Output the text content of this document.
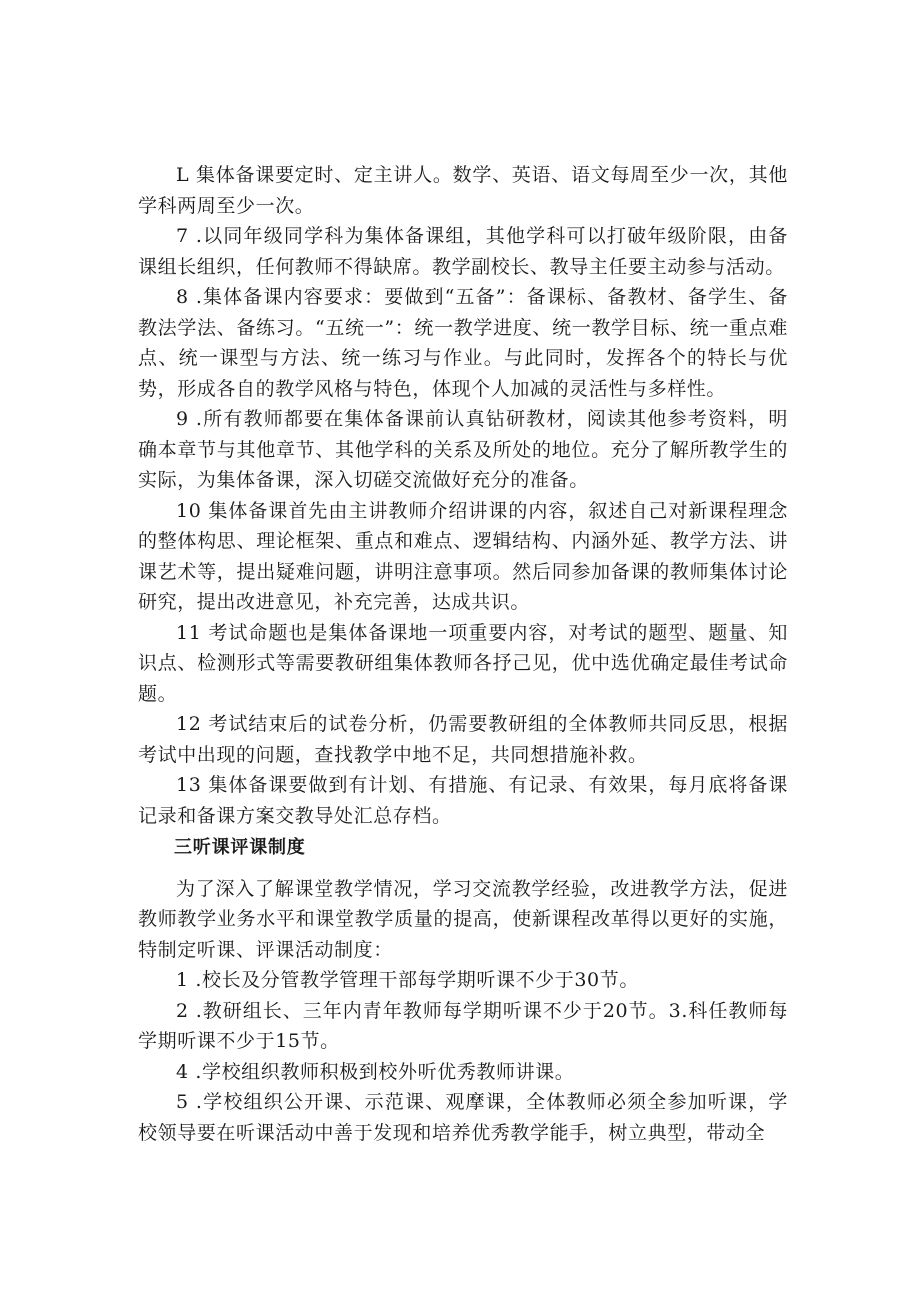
L 集体备课要定时、定主讲人。数学、英语、语文每周至少一次，其他学科两周至少一次。

7 .以同年级同学科为集体备课组，其他学科可以打破年级阶限，由备课组长组织，任何教师不得缺席。教学副校长、教导主任要主动参与活动。

8 .集体备课内容要求：要做到“五备”：备课标、备教材、备学生、备教法学法、备练习。“五统一”：统一教学进度、统一教学目标、统一重点难点、统一课型与方法、统一练习与作业。与此同时，发挥各个的特长与优势，形成各自的教学风格与特色，体现个人加减的灵活性与多样性。

9 .所有教师都要在集体备课前认真钻研教材，阅读其他参考资料，明确本章节与其他章节、其他学科的关系及所处的地位。充分了解所教学生的实际，为集体备课，深入切磋交流做好充分的准备。

10 集体备课首先由主讲教师介绍讲课的内容，叙述自己对新课程理念的整体构思、理论框架、重点和难点、逻辑结构、内涵外延、教学方法、讲课艺术等，提出疑难问题，讲明注意事项。然后同参加备课的教师集体讨论研究，提出改进意见，补充完善，达成共识。

11 考试命题也是集体备课地一项重要内容，对考试的题型、题量、知识点、检测形式等需要教研组集体教师各抒己见，优中选优确定最佳考试命题。

12 考试结束后的试卷分析，仍需要教研组的全体教师共同反思，根据考试中出现的问题，查找教学中地不足，共同想措施补救。

13 集体备课要做到有计划、有措施、有记录、有效果，每月底将备课记录和备课方案交教导处汇总存档。

三听课评课制度

为了深入了解课堂教学情况，学习交流教学经验，改进教学方法，促进教师教学业务水平和课堂教学质量的提高，使新课程改革得以更好的实施，特制定听课、评课活动制度：

1 .校长及分管教学管理干部每学期听课不少于30节。

2 .教研组长、三年内青年教师每学期听课不少于20节。3.科任教师每学期听课不少于15节。

4 .学校组织教师积极到校外听优秀教师讲课。

5 .学校组织公开课、示范课、观摩课，全体教师必须全参加听课，学校领导要在听课活动中善于发现和培养优秀教学能手，树立典型，带动全
